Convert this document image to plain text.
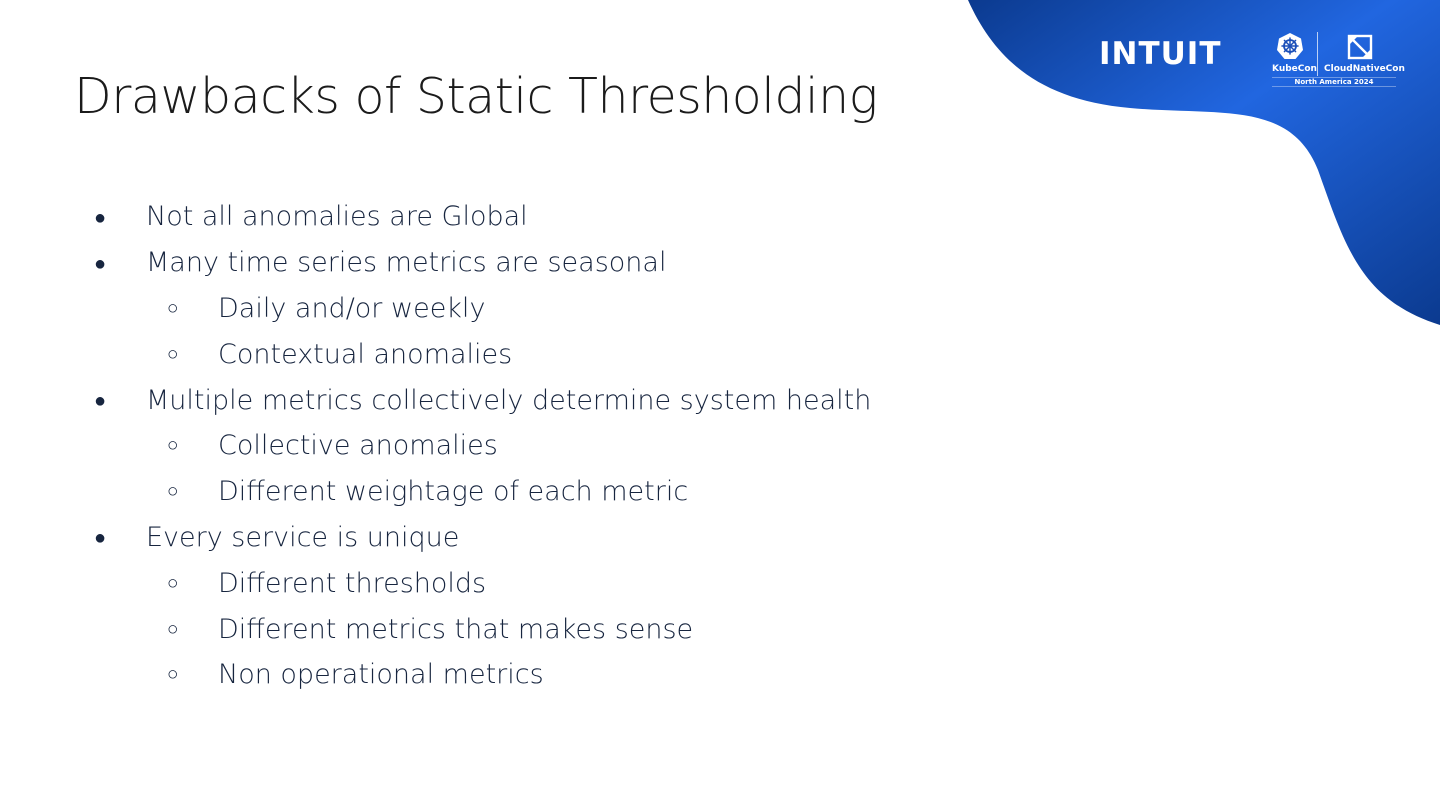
Drawbacks of Static Thresholding
● Not all anomalies are Global
● Many time series metrics are seasonal
○ Daily and/or weekly
○ Contextual anomalies
● Multiple metrics collectively determine system health
○ Collective anomalies
○ Different weightage of each metric
● Every service is unique
○ Different thresholds
○ Different metrics that makes sense
○ Non operational metrics
INTUIT	KubeCon CloudNativeCon
North America 2024
